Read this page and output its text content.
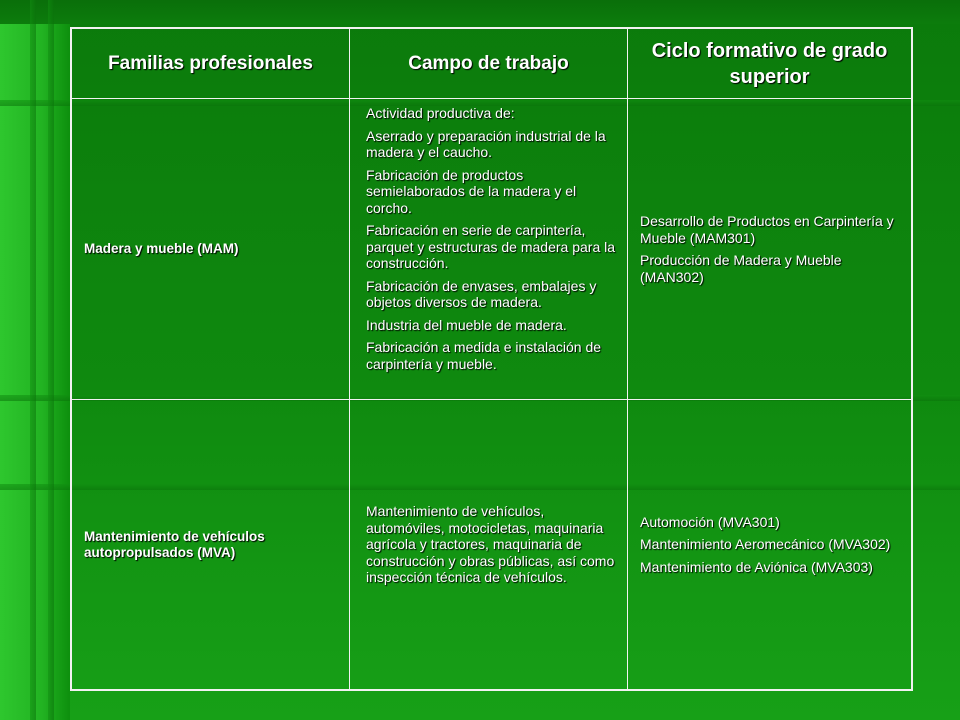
Familias profesionales	Campo de trabajo
Ciclo formativo de grado superior
Madera y mueble (MAM)

Actividad productiva de:

Aserrado y preparación industrial de la madera y el caucho.

Fabricación de productos semielaborados de la madera y el corcho.

Fabricación en serie de carpintería, parquet y estructuras de madera para la construcción.

Fabricación de envases, embalajes y objetos diversos de madera.

Industria del mueble de madera.

Fabricación a medida e instalación de carpintería y mueble.

Desarrollo de Productos en Carpintería y Mueble (MAM301)

Producción de Madera y Mueble (MAN302)

Mantenimiento de vehículos autopropulsados (MVA)

Mantenimiento de vehículos, automóviles, motocicletas, maquinaria agrícola y tractores, maquinaria de construcción y obras públicas, así como inspección técnica de vehículos.

Automoción (MVA301)

Mantenimiento Aeromecánico (MVA302)

Mantenimiento de Aviónica (MVA303)
